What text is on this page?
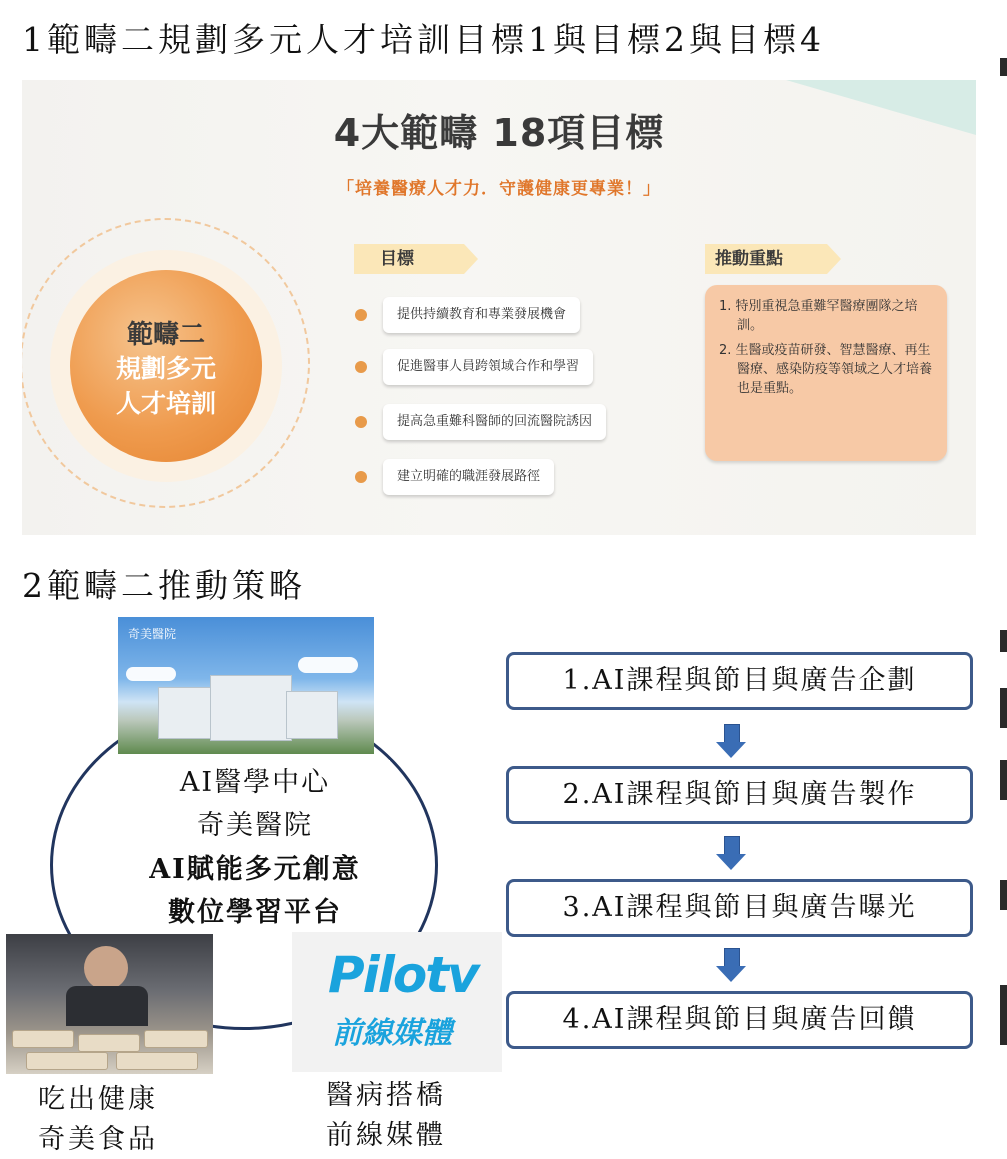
1範疇二規劃多元人才培訓目標1與目標2與目標4
4大範疇 18項目標
「培養醫療人才力．守護健康更專業！」
範疇二
規劃多元
人才培訓
目標	推動重點
提供持續教育和專業發展機會
促進醫事人員跨領域合作和學習
提高急重難科醫師的回流醫院誘因
建立明確的職涯發展路徑

1. 特別重視急重難罕醫療團隊之培訓。

2. 生醫或疫苗研發、智慧醫療、再生醫療、感染防疫等領域之人才培養也是重點。

2範疇二推動策略
奇美醫院
AI醫學中心
奇美醫院
AI賦能多元創意
數位學習平台
Pilotv
前線媒體
吃出健康
奇美食品
醫病搭橋
前線媒體
1.AI課程與節目與廣告企劃
2.AI課程與節目與廣告製作
3.AI課程與節目與廣告曝光
4.AI課程與節目與廣告回饋
